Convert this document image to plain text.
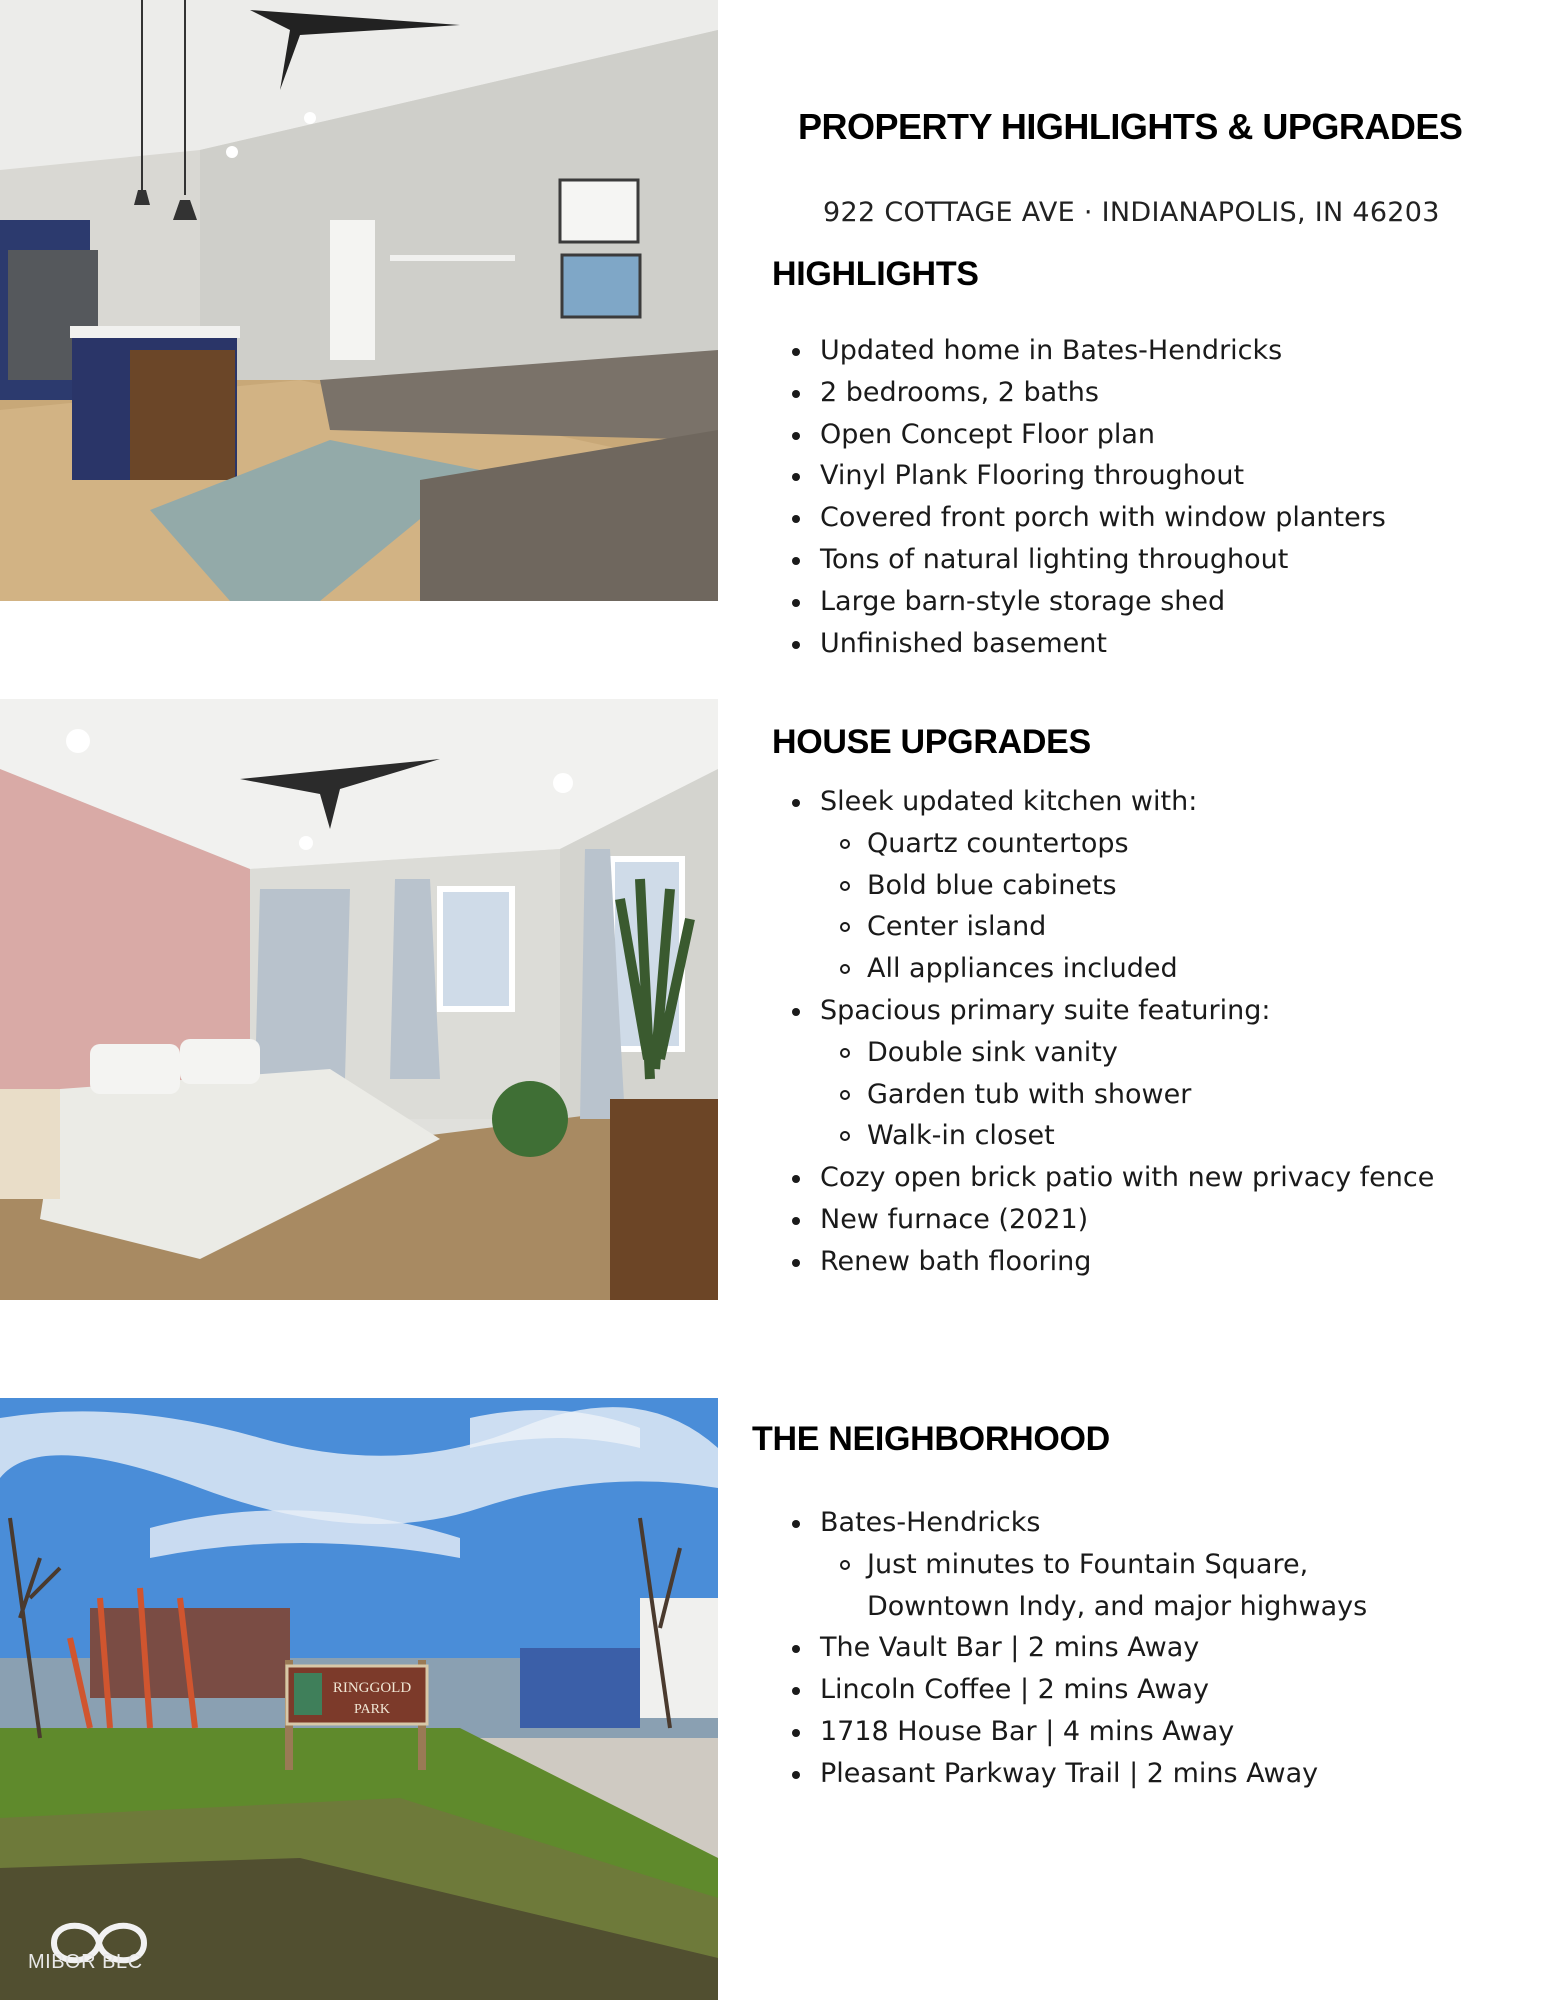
RINGGOLD
PARK
MIBOR BLC
PROPERTY HIGHLIGHTS & UPGRADES
922 COTTAGE AVE · INDIANAPOLIS, IN 46203
HIGHLIGHTS
Updated home in Bates-Hendricks
2 bedrooms, 2 baths
Open Concept Floor plan
Vinyl Plank Flooring throughout
Covered front porch with window planters
Tons of natural lighting throughout
Large barn-style storage shed
Unfinished basement
HOUSE UPGRADES
Sleek updated kitchen with:
Quartz countertops
Bold blue cabinets
Center island
All appliances included
Spacious primary suite featuring:
Double sink vanity
Garden tub with shower
Walk-in closet
Cozy open brick patio with new privacy fence
New furnace (2021)
Renew bath flooring
THE NEIGHBORHOOD
Bates-Hendricks
Just minutes to Fountain Square,
Downtown Indy, and major highways
The Vault Bar | 2 mins Away
Lincoln Coffee | 2 mins Away
1718 House Bar | 4 mins Away
Pleasant Parkway Trail | 2 mins Away
